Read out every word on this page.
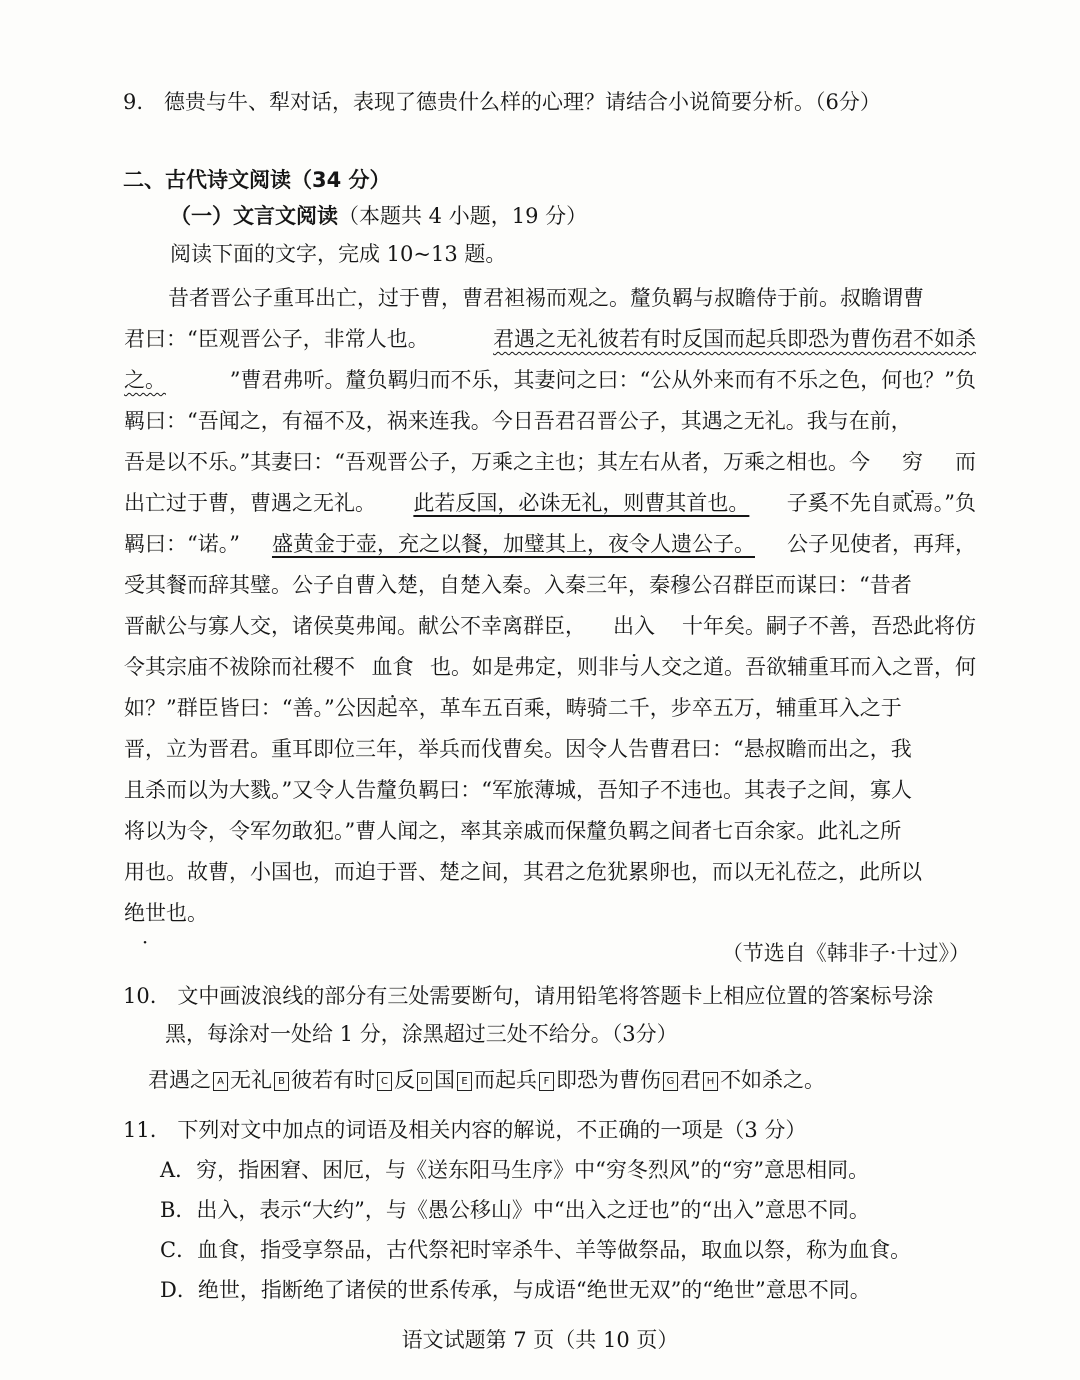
9.　德贵与牛、犁对话，表现了德贵什么样的心理？请结合小说简要分析。（6分）
二、古代诗文阅读（34 分）
（一）文言文阅读（本题共 4 小题，19 分）
阅读下面的文字，完成 10~13 题。
昔者晋公子重耳出亡，过于曹，曹君袒裼而观之。釐负羁与叔瞻侍于前。叔瞻谓曹
君曰：“臣观晋公子，非常人也。	君遇之无礼彼若有时反国而起兵即恐为曹伤君不如杀
之。	”曹君弗听。釐负羁归而不乐，其妻问之曰：“公从外来而有不乐之色，何也？”负
羁曰：“吾闻之，有福不及，祸来连我。今日吾君召晋公子，其遇之无礼。我与在前，
吾是以不乐。”其妻曰：“吾观晋公子，万乘之主也；其左右从者，万乘之相也。今 穷 · 而
出亡过于曹，曹遇之无礼。 此若反国，必诛无礼，则曹其首也。 子奚不先自贰焉。”负
羁曰：“诺。” 盛黄金于壶，充之以餐，加璧其上，夜令人遗公子。 公子见使者，再拜，
受其餐而辞其璧。公子自曹入楚，自楚入秦。入秦三年，秦穆公召群臣而谋曰：“昔者
晋献公与寡人交，诸侯莫弗闻。献公不幸离群臣， 出入 · 十年矣。嗣子不善，吾恐此将仿
令其宗庙不祓除而社稷不 血食 · 也。如是弗定，则非与人交之道。吾欲辅重耳而入之晋，何
如？”群臣皆曰：“善。”公因起卒，革车五百乘，畴骑二千，步卒五万，辅重耳入之于
晋，立为晋君。重耳即位三年，举兵而伐曹矣。因令人告曹君曰：“悬叔瞻而出之，我
且杀而以为大戮。”又令人告釐负羁曰：“军旅薄城，吾知子不违也。其表子之间，寡人
将以为令，令军勿敢犯。”曹人闻之，率其亲戚而保釐负羁之间者七百余家。此礼之所
用也。故曹，小国也，而迫于晋、楚之间，其君之危犹累卵也，而以无礼莅之，此所以
绝世 · 也。
（节选自《韩非子·十过》）
10.　文中画波浪线的部分有三处需要断句，请用铅笔将答题卡上相应位置的答案标号涂
黑，每涂对一处给 1 分，涂黑超过三处不给分。（3分）
君遇之 A 无礼 B 彼若有时 C 反 D 国 E 而起兵 F 即恐为曹伤 G 君 H 不如杀之。
11.　下列对文中加点的词语及相关内容的解说，不正确的一项是（3 分）
A．穷，指困窘、困厄，与《送东阳马生序》中“穷冬烈风”的“穷”意思相同。
B．出入，表示“大约”，与《愚公移山》中“出入之迂也”的“出入”意思不同。
C．血食，指受享祭品，古代祭祀时宰杀牛、羊等做祭品，取血以祭，称为血食。
D．绝世，指断绝了诸侯的世系传承，与成语“绝世无双”的“绝世”意思不同。
语文试题第 7 页（共 10 页）
